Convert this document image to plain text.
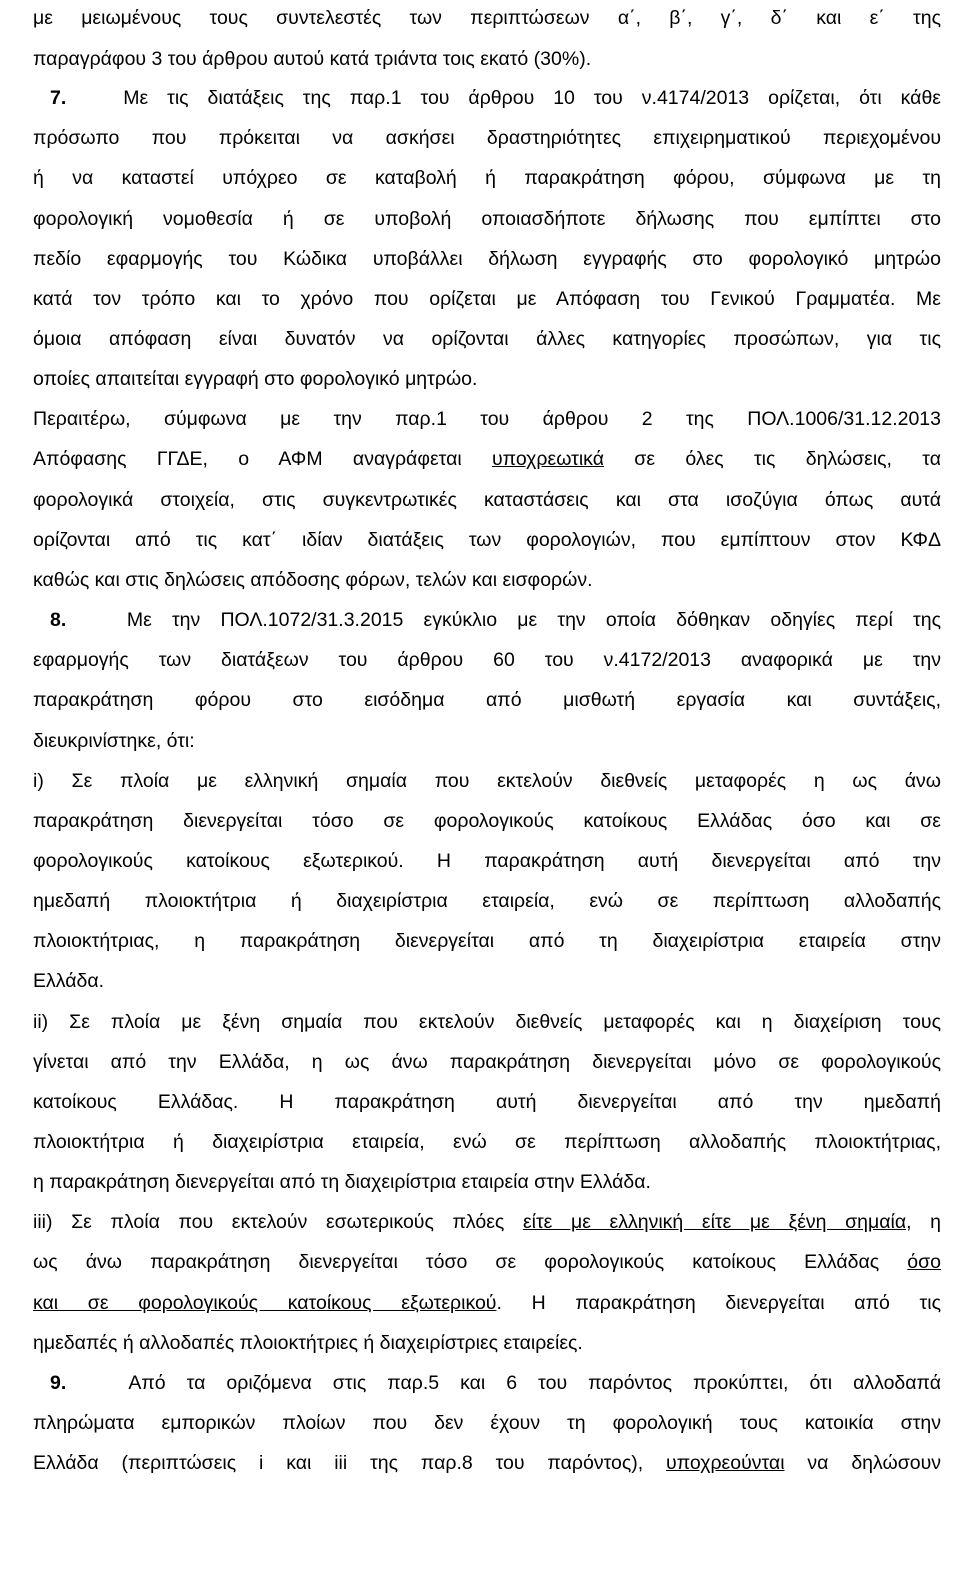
με μειωμένους τους συντελεστές των περιπτώσεων α΄, β΄, γ΄, δ΄ και ε΄ της
παραγράφου 3 του άρθρου αυτού κατά τριάντα τοις εκατό (30%).
7.	Με τις διατάξεις της παρ.1 του άρθρου 10 του ν.4174/2013 ορίζεται, ότι κάθε
πρόσωπο που πρόκειται να ασκήσει δραστηριότητες επιχειρηματικού περιεχομένου
ή να καταστεί υπόχρεο σε καταβολή ή παρακράτηση φόρου, σύμφωνα με τη
φορολογική νομοθεσία ή σε υποβολή οποιασδήποτε δήλωσης που εμπίπτει στο
πεδίο εφαρμογής του Κώδικα υποβάλλει δήλωση εγγραφής στο φορολογικό μητρώο
κατά τον τρόπο και το χρόνο που ορίζεται με Απόφαση του Γενικού Γραμματέα. Με
όμοια απόφαση είναι δυνατόν να ορίζονται άλλες κατηγορίες προσώπων, για τις
οποίες απαιτείται εγγραφή στο φορολογικό μητρώο.
Περαιτέρω, σύμφωνα με την παρ.1 του άρθρου 2 της ΠΟΛ.1006/31.12.2013
Απόφασης ΓΓΔΕ, ο ΑΦΜ αναγράφεται υποχρεωτικά σε όλες τις δηλώσεις, τα
φορολογικά στοιχεία, στις συγκεντρωτικές καταστάσεις και στα ισοζύγια όπως αυτά
ορίζονται από τις κατ΄ ιδίαν διατάξεις των φορολογιών, που εμπίπτουν στον ΚΦΔ
καθώς και στις δηλώσεις απόδοσης φόρων, τελών και εισφορών.
8.	Με την ΠΟΛ.1072/31.3.2015 εγκύκλιο με την οποία δόθηκαν οδηγίες περί της
εφαρμογής των διατάξεων του άρθρου 60 του ν.4172/2013 αναφορικά με την
παρακράτηση φόρου στο εισόδημα από μισθωτή εργασία και συντάξεις,
διευκρινίστηκε, ότι:
i) Σε πλοία με ελληνική σημαία που εκτελούν διεθνείς μεταφορές η ως άνω
παρακράτηση διενεργείται τόσο σε φορολογικούς κατοίκους Ελλάδας όσο και σε
φορολογικούς κατοίκους εξωτερικού. Η παρακράτηση αυτή διενεργείται από την
ημεδαπή πλοιοκτήτρια ή διαχειρίστρια εταιρεία, ενώ σε περίπτωση αλλοδαπής
πλοιοκτήτριας, η παρακράτηση διενεργείται από τη διαχειρίστρια εταιρεία στην
Ελλάδα.
ii) Σε πλοία με ξένη σημαία που εκτελούν διεθνείς μεταφορές και η διαχείριση τους
γίνεται από την Ελλάδα, η ως άνω παρακράτηση διενεργείται μόνο σε φορολογικούς
κατοίκους Ελλάδας. Η παρακράτηση αυτή διενεργείται από την ημεδαπή
πλοιοκτήτρια ή διαχειρίστρια εταιρεία, ενώ σε περίπτωση αλλοδαπής πλοιοκτήτριας,
η παρακράτηση διενεργείται από τη διαχειρίστρια εταιρεία στην Ελλάδα.
iii) Σε πλοία που εκτελούν εσωτερικούς πλόες είτε με ελληνική είτε με ξένη σημαία, η
ως άνω παρακράτηση διενεργείται τόσο σε φορολογικούς κατοίκους Ελλάδας όσο
και σε φορολογικούς κατοίκους εξωτερικού. Η παρακράτηση διενεργείται από τις
ημεδαπές ή αλλοδαπές πλοιοκτήτριες ή διαχειρίστριες εταιρείες.
9.	Από τα οριζόμενα στις παρ.5 και 6 του παρόντος προκύπτει, ότι αλλοδαπά
πληρώματα εμπορικών πλοίων που δεν έχουν τη φορολογική τους κατοικία στην
Ελλάδα (περιπτώσεις i και iii της παρ.8 του παρόντος), υποχρεούνται να δηλώσουν
